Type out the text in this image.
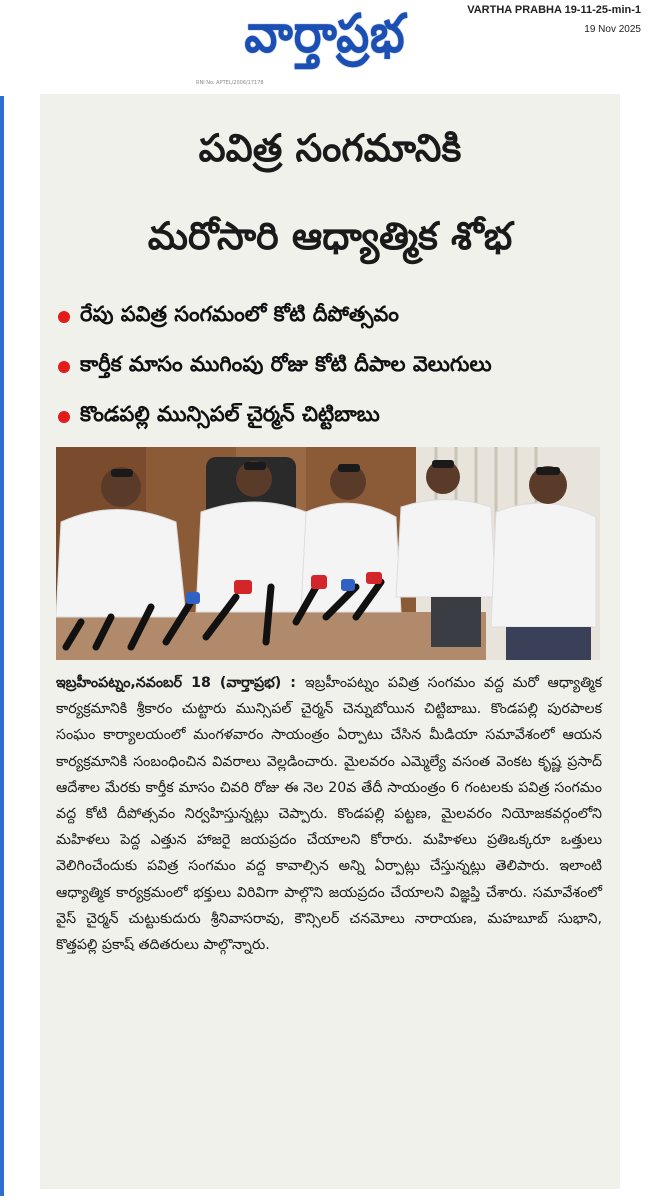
వార్తాప్రభ
RNI No. APTEL/2006/17178
VARTHA PRABHA 19-11-25-min-1
19 Nov 2025
పవిత్ర సంగమానికి
మరోసారి ఆధ్యాత్మిక శోభ
రేపు పవిత్ర సంగమంలో కోటి దీపోత్సవం
కార్తీక మాసం ముగింపు రోజు కోటి దీపాల వెలుగులు
కొండపల్లి మున్సిపల్ చైర్మన్ చిట్టిబాబు
ఇబ్రహీంపట్నం,నవంబర్ 18 (వార్తాప్రభ) : ఇబ్రహీంపట్నం పవిత్ర సంగమం వద్ద మరో ఆధ్యాత్మిక కార్యక్రమానికి శ్రీకారం చుట్టారు మున్సిపల్ చైర్మన్ చెన్నుబోయిన చిట్టిబాబు. కొండపల్లి పురపాలక సంఘం కార్యాలయంలో మంగళవారం సాయంత్రం ఏర్పాటు చేసిన మీడియా సమావేశంలో ఆయన కార్యక్రమానికి సంబంధించిన వివరాలు వెల్లడించారు. మైలవరం ఎమ్మెల్యే వసంత వెంకట కృష్ణ ప్రసాద్ ఆదేశాల మేరకు కార్తీక మాసం చివరి రోజు ఈ నెల 20వ తేదీ సాయంత్రం 6 గంటలకు పవిత్ర సంగమం వద్ద కోటి దీపోత్సవం నిర్వహిస్తున్నట్లు చెప్పారు. కొండపల్లి పట్టణ, మైలవరం నియోజకవర్గంలోని మహిళలు పెద్ద ఎత్తున హాజరై జయప్రదం చేయాలని కోరారు. మహిళలు ప్రతిఒక్కరూ ఒత్తులు వెలిగించేందుకు పవిత్ర సంగమం వద్ద కావాల్సిన అన్ని ఏర్పాట్లు చేస్తున్నట్లు తెలిపారు. ఇలాంటి ఆధ్యాత్మిక కార్యక్రమంలో భక్తులు విరివిగా పాల్గొని జయప్రదం చేయాలని విజ్ఞప్తి చేశారు. సమావేశంలో వైస్ చైర్మన్ చుట్టుకుదురు శ్రీనివాసరావు, కౌన్సిలర్ చనమోలు నారాయణ, మహబూబ్ సుభాని, కొత్తపల్లి ప్రకాష్ తదితరులు పాల్గొన్నారు.
